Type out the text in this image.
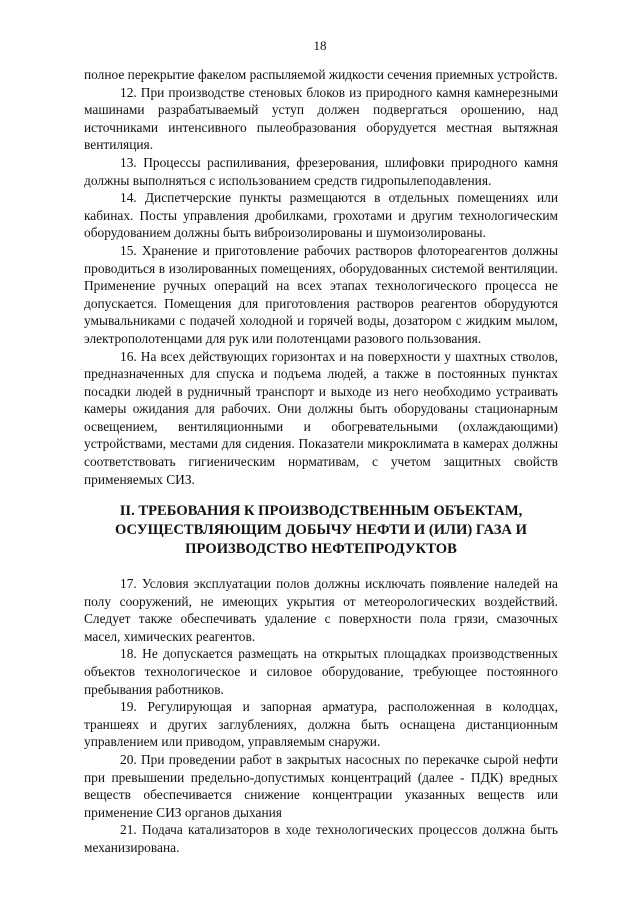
18

полное перекрытие факелом распыляемой жидкости сечения приемных устройств.

12. При производстве стеновых блоков из природного камня камнерезными машинами разрабатываемый уступ должен подвергаться орошению, над источниками интенсивного пылеобразования оборудуется местная вытяжная вентиляция.

13. Процессы распиливания, фрезерования, шлифовки природного камня должны выполняться с использованием средств гидропылеподавления.

14. Диспетчерские пункты размещаются в отдельных помещениях или кабинах. Посты управления дробилками, грохотами и другим технологическим оборудованием должны быть виброизолированы и шумоизолированы.

15. Хранение и приготовление рабочих растворов флотореагентов должны проводиться в изолированных помещениях, оборудованных системой вентиляции. Применение ручных операций на всех этапах технологического процесса не допускается. Помещения для приготовления растворов реагентов оборудуются умывальниками с подачей холодной и горячей воды, дозатором с жидким мылом, электрополотенцами для рук или полотенцами разового пользования.

16. На всех действующих горизонтах и на поверхности у шахтных стволов, предназначенных для спуска и подъема людей, а также в постоянных пунктах посадки людей в рудничный транспорт и выходе из него необходимо устраивать камеры ожидания для рабочих. Они должны быть оборудованы стационарным освещением, вентиляционными и обогревательными (охлаждающими) устройствами, местами для сидения. Показатели микроклимата в камерах должны соответствовать гигиеническим нормативам, с учетом защитных свойств применяемых СИЗ.

II. ТРЕБОВАНИЯ К ПРОИЗВОДСТВЕННЫМ ОБЪЕКТАМ, ОСУЩЕСТВЛЯЮЩИМ ДОБЫЧУ НЕФТИ И (ИЛИ) ГАЗА И ПРОИЗВОДСТВО НЕФТЕПРОДУКТОВ

17. Условия эксплуатации полов должны исключать появление наледей на полу сооружений, не имеющих укрытия от метеорологических воздействий. Следует также обеспечивать удаление с поверхности пола грязи, смазочных масел, химических реагентов.

18. Не допускается размещать на открытых площадках производственных объектов технологическое и силовое оборудование, требующее постоянного пребывания работников.

19. Регулирующая и запорная арматура, расположенная в колодцах, траншеях и других заглублениях, должна быть оснащена дистанционным управлением или приводом, управляемым снаружи.

20. При проведении работ в закрытых насосных по перекачке сырой нефти при превышении предельно-допустимых концентраций (далее - ПДК) вредных веществ обеспечивается снижение концентрации указанных веществ или применение СИЗ органов дыхания

21. Подача катализаторов в ходе технологических процессов должна быть механизирована.
